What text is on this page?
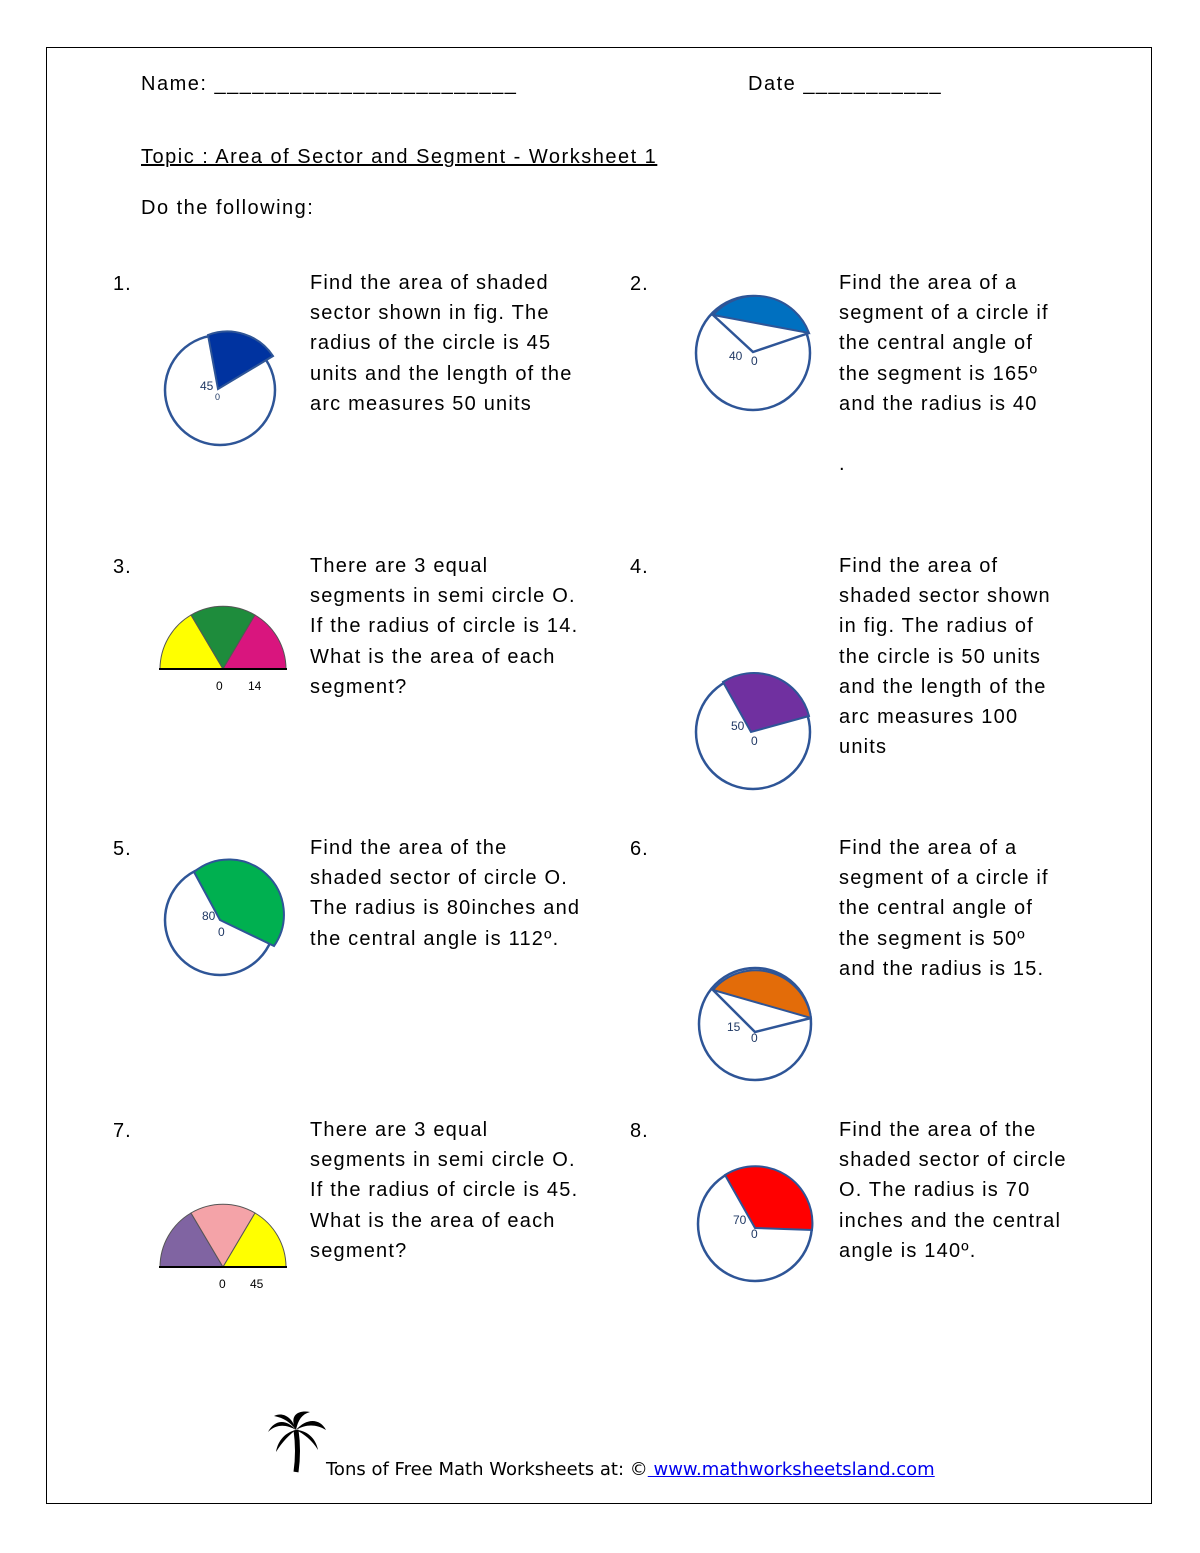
Name: ________________________	Date ___________
Topic : Area of Sector and Segment - Worksheet 1
Do the following:
1.	2.
3.	4.
5.	6.
7.	8.
Find the area of shaded
sector shown in fig. The
radius of the circle is 45
units and the length of the
arc measures 50 units
Find the area of a
segment of a circle if
the central angle of
the segment is 165º
and the radius is 40

.
There are 3 equal
segments in semi circle O.
If the radius of circle is 14.
What is the area of each
segment?
Find the area of
shaded sector shown
in fig. The radius of
the circle is 50 units
and the length of the
arc measures 100
units
Find the area of the
shaded sector of circle O.
The radius is 80inches and
the central angle is 112º.
Find the area of a
segment of a circle if
the central angle of
the segment is 50º
and the radius is 15.
There are 3 equal
segments in semi circle O.
If the radius of circle is 45.
What is the area of each
segment?
Find the area of the
shaded sector of circle
O. The radius is 70
inches and the central
angle is 140º.
45
0
40 0
0 14
50
0
80
0
15
0
0 45
70
0
Tons of Free Math Worksheets at: © www.mathworksheetsland.com
